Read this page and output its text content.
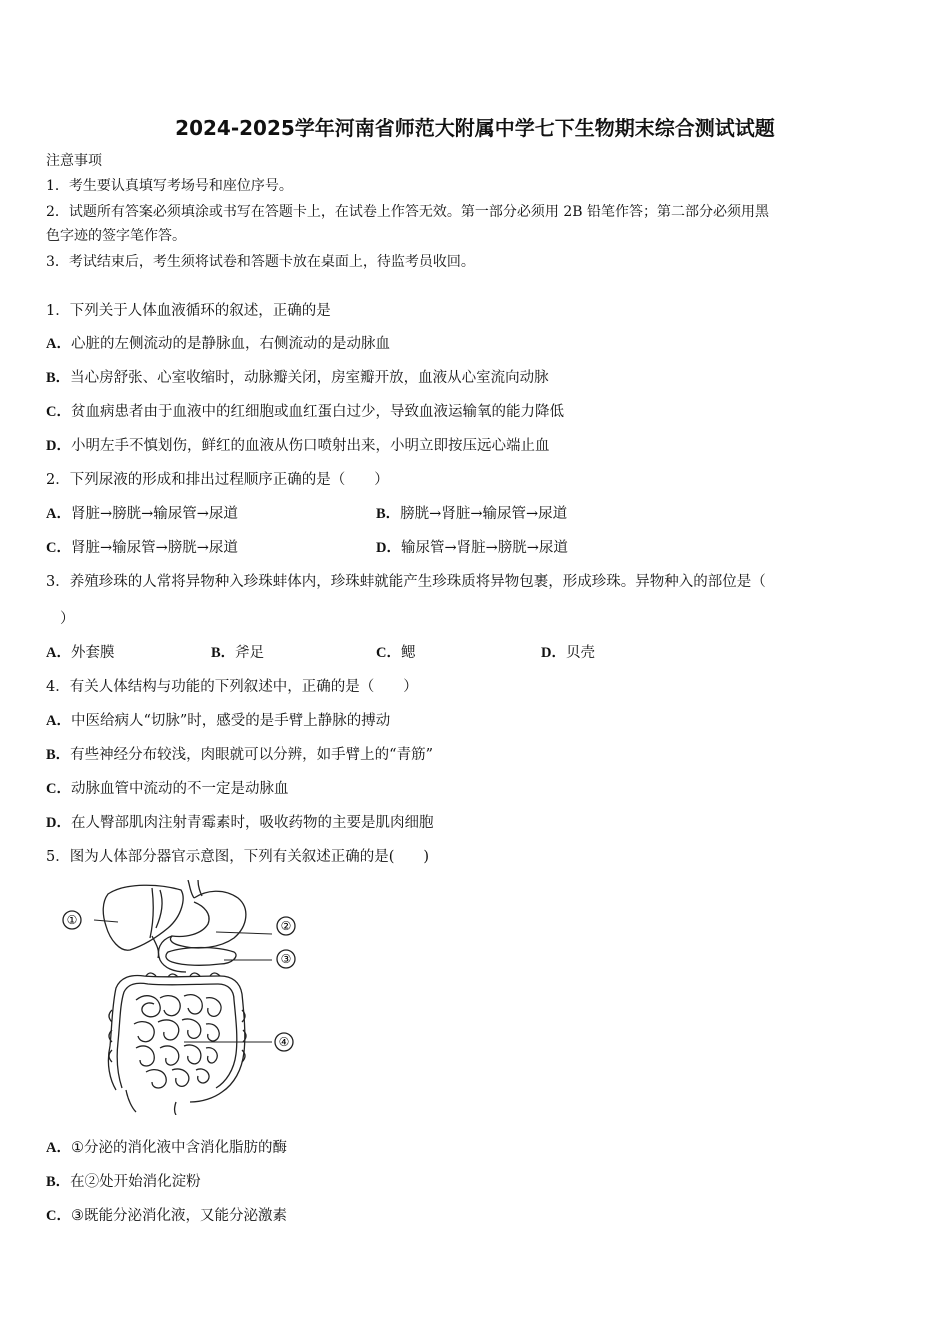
2024-2025学年河南省师范大附属中学七下生物期末综合测试试题
注意事项
1．考生要认真填写考场号和座位序号。
2．试题所有答案必须填涂或书写在答题卡上，在试卷上作答无效。第一部分必须用 2B 铅笔作答；第二部分必须用黑
色字迹的签字笔作答。
3．考试结束后，考生须将试卷和答题卡放在桌面上，待监考员收回。
1．下列关于人体血液循环的叙述，正确的是
A．心脏的左侧流动的是静脉血，右侧流动的是动脉血
B．当心房舒张、心室收缩时，动脉瓣关闭，房室瓣开放，血液从心室流向动脉
C．贫血病患者由于血液中的红细胞或血红蛋白过少，导致血液运输氧的能力降低
D．小明左手不慎划伤，鲜红的血液从伤口喷射出来，小明立即按压远心端止血
2．下列尿液的形成和排出过程顺序正确的是（　　）
A．肾脏→膀胱→输尿管→尿道	B．膀胱→肾脏→输尿管→尿道
C．肾脏→输尿管→膀胱→尿道	D．输尿管→肾脏→膀胱→尿道
3．养殖珍珠的人常将异物种入珍珠蚌体内，珍珠蚌就能产生珍珠质将异物包裹，形成珍珠。异物种入的部位是（
）
A．外套膜	B．斧足	C．鳃	D．贝壳
4．有关人体结构与功能的下列叙述中，正确的是（　　）
A．中医给病人“切脉”时，感受的是手臂上静脉的搏动
B．有些神经分布较浅，肉眼就可以分辨，如手臂上的“青筋”
C．动脉血管中流动的不一定是动脉血
D．在人臀部肌肉注射青霉素时，吸收药物的主要是肌肉细胞
5．图为人体部分器官示意图，下列有关叙述正确的是(　　)
①	②
③
④
A．①分泌的消化液中含消化脂肪的酶
B．在②处开始消化淀粉
C．③既能分泌消化液，又能分泌激素
